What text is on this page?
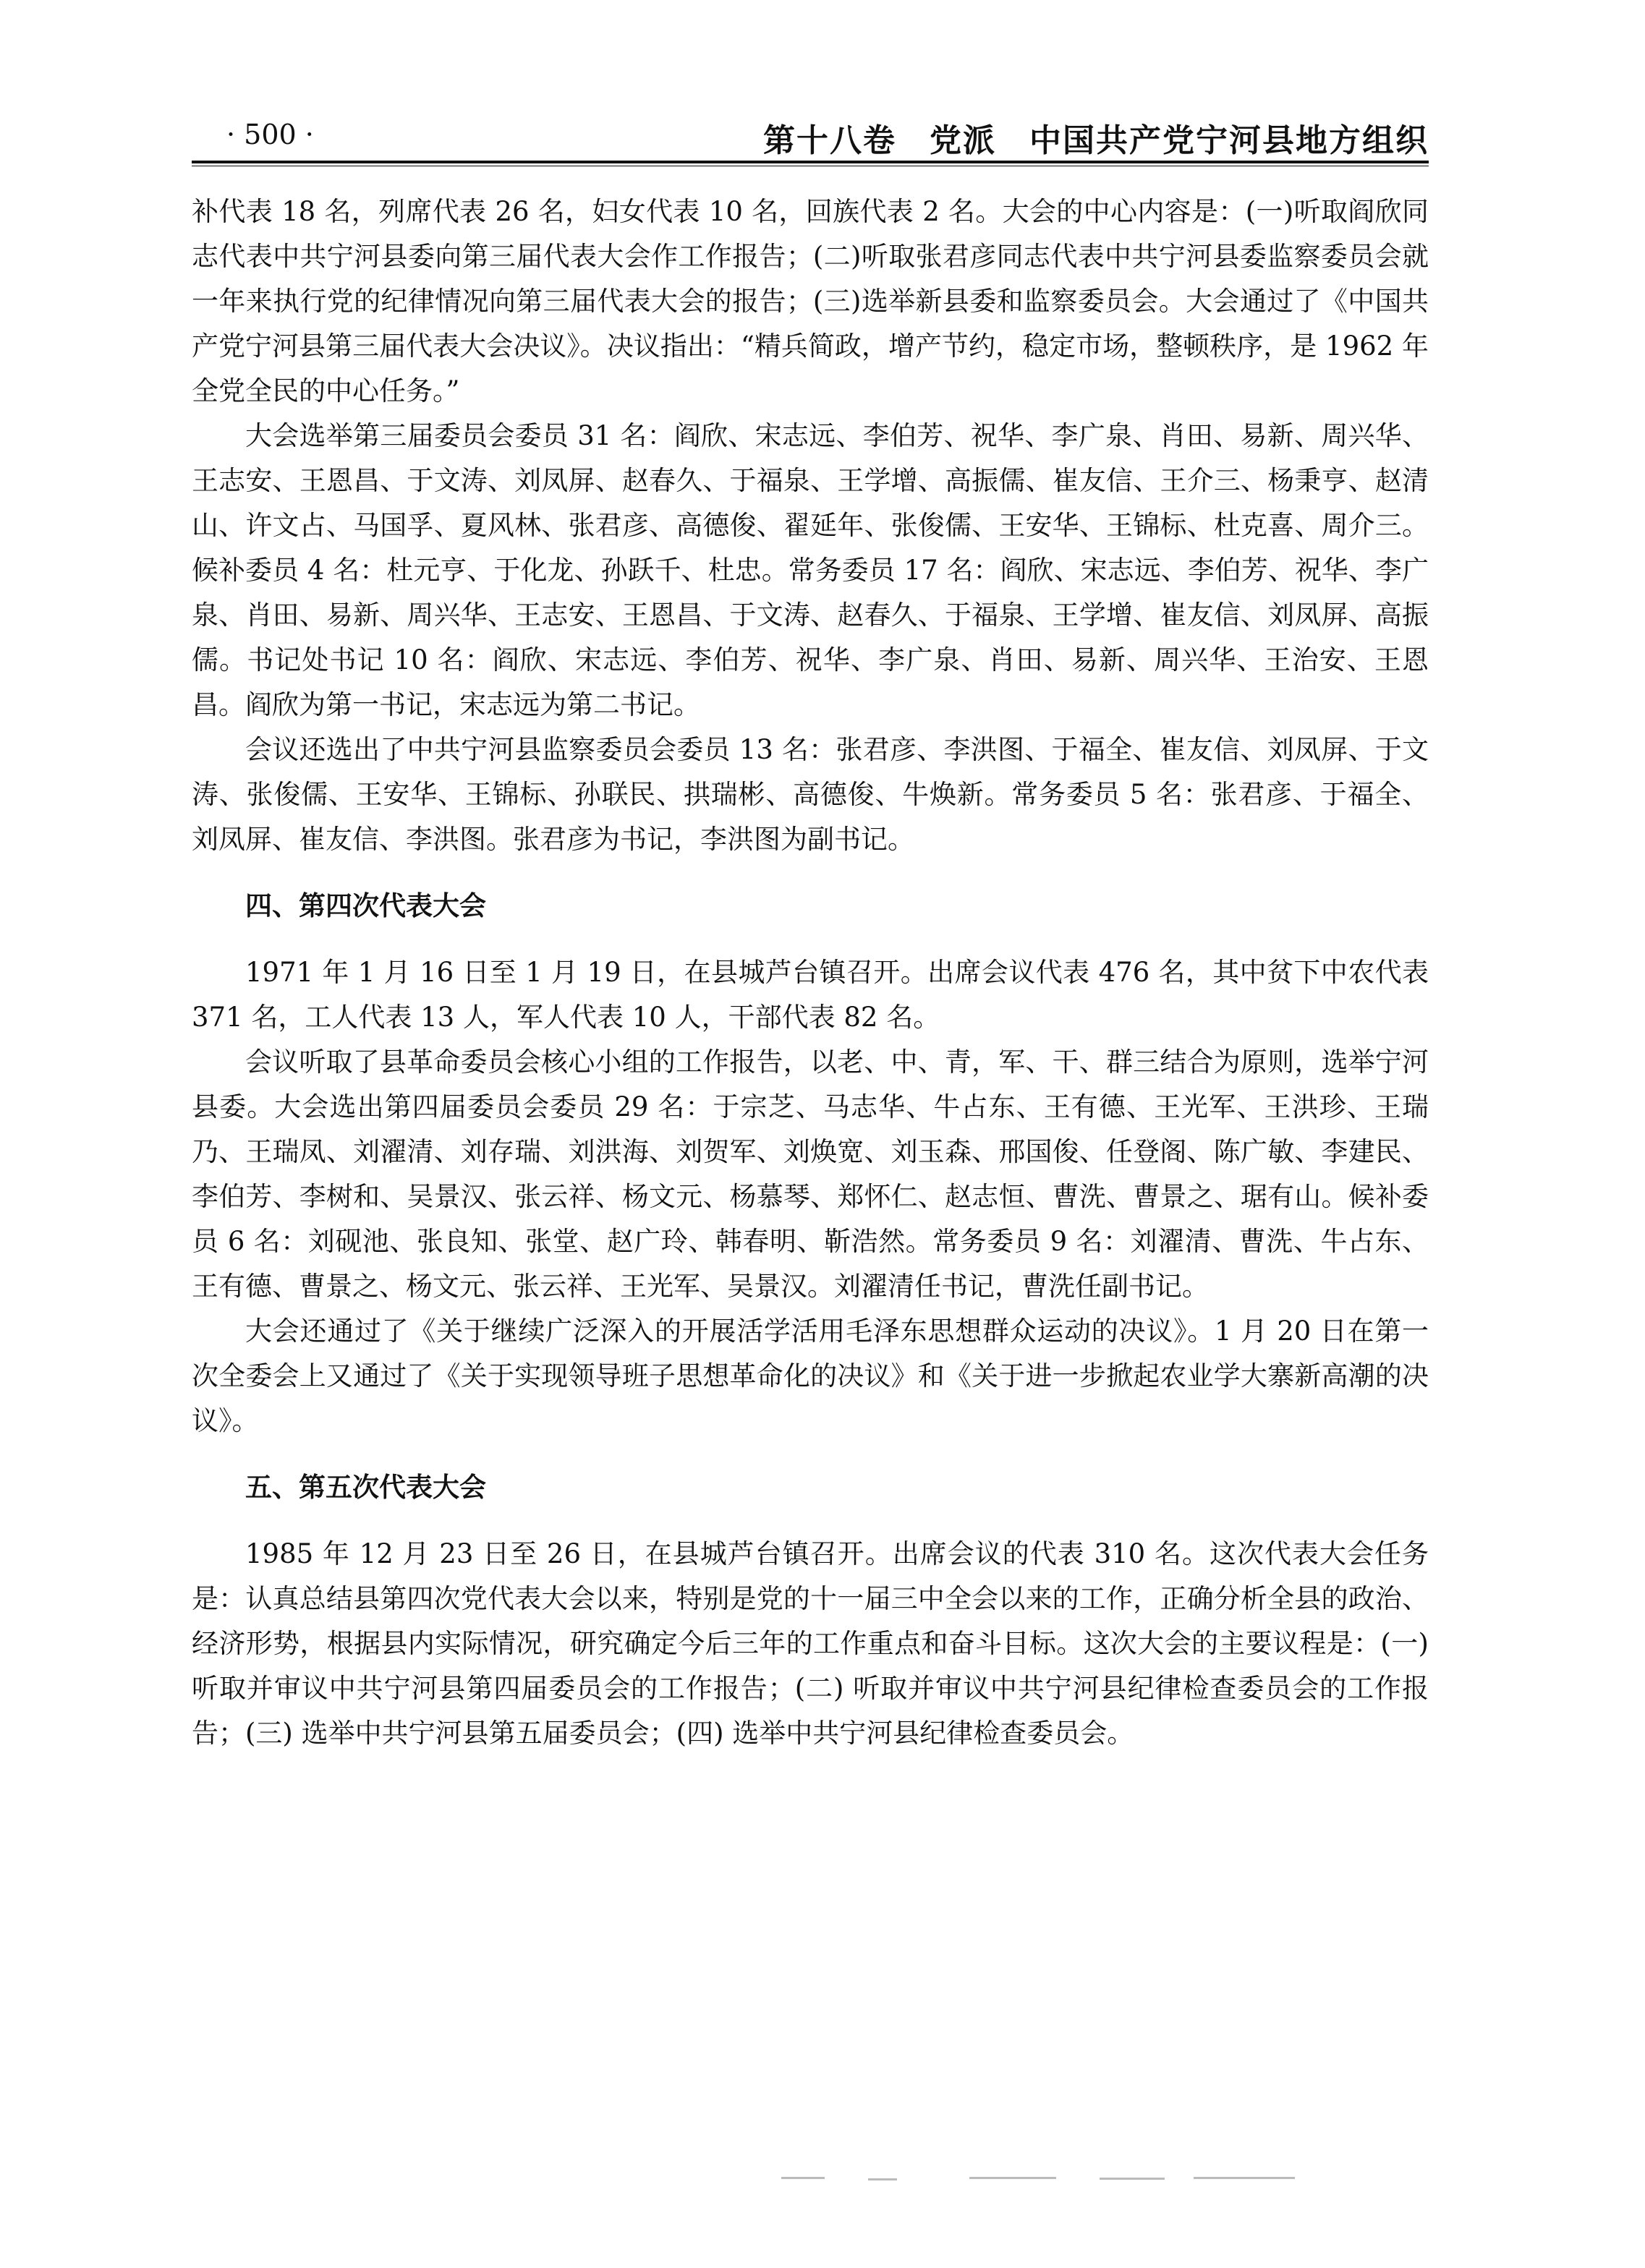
· 500 ·	第十八卷　党派　中国共产党宁河县地方组织

补代表 18 名，列席代表 26 名，妇女代表 10 名，回族代表 2 名。大会的中心内容是：(一)听取阎欣同志代表中共宁河县委向第三届代表大会作工作报告；(二)听取张君彦同志代表中共宁河县委监察委员会就一年来执行党的纪律情况向第三届代表大会的报告；(三)选举新县委和监察委员会。大会通过了《中国共产党宁河县第三届代表大会决议》。决议指出：“精兵简政，增产节约，稳定市场，整顿秩序，是 1962 年全党全民的中心任务。”

大会选举第三届委员会委员 31 名：阎欣、宋志远、李伯芳、祝华、李广泉、肖田、易新、周兴华、王志安、王恩昌、于文涛、刘凤屏、赵春久、于福泉、王学增、高振儒、崔友信、王介三、杨秉亨、赵清山、许文占、马国孚、夏风林、张君彦、高德俊、翟延年、张俊儒、王安华、王锦标、杜克喜、周介三。候补委员 4 名：杜元亨、于化龙、孙跃千、杜忠。常务委员 17 名：阎欣、宋志远、李伯芳、祝华、李广泉、肖田、易新、周兴华、王志安、王恩昌、于文涛、赵春久、于福泉、王学增、崔友信、刘凤屏、高振儒。书记处书记 10 名：阎欣、宋志远、李伯芳、祝华、李广泉、肖田、易新、周兴华、王治安、王恩昌。阎欣为第一书记，宋志远为第二书记。

会议还选出了中共宁河县监察委员会委员 13 名：张君彦、李洪图、于福全、崔友信、刘凤屏、于文涛、张俊儒、王安华、王锦标、孙联民、拱瑞彬、高德俊、牛焕新。常务委员 5 名：张君彦、于福全、刘凤屏、崔友信、李洪图。张君彦为书记，李洪图为副书记。

四、第四次代表大会

1971 年 1 月 16 日至 1 月 19 日，在县城芦台镇召开。出席会议代表 476 名，其中贫下中农代表 371 名，工人代表 13 人，军人代表 10 人，干部代表 82 名。

会议听取了县革命委员会核心小组的工作报告，以老、中、青，军、干、群三结合为原则，选举宁河县委。大会选出第四届委员会委员 29 名：于宗芝、马志华、牛占东、王有德、王光军、王洪珍、王瑞乃、王瑞凤、刘濯清、刘存瑞、刘洪海、刘贺军、刘焕宽、刘玉森、邢国俊、任登阁、陈广敏、李建民、李伯芳、李树和、吴景汉、张云祥、杨文元、杨慕琴、郑怀仁、赵志恒、曹洗、曹景之、琚有山。候补委员 6 名：刘砚池、张良知、张堂、赵广玲、韩春明、靳浩然。常务委员 9 名：刘濯清、曹洗、牛占东、王有德、曹景之、杨文元、张云祥、王光军、吴景汉。刘濯清任书记，曹洗任副书记。

大会还通过了《关于继续广泛深入的开展活学活用毛泽东思想群众运动的决议》。1 月 20 日在第一次全委会上又通过了《关于实现领导班子思想革命化的决议》和《关于进一步掀起农业学大寨新高潮的决议》。

五、第五次代表大会

1985 年 12 月 23 日至 26 日，在县城芦台镇召开。出席会议的代表 310 名。这次代表大会任务是：认真总结县第四次党代表大会以来，特别是党的十一届三中全会以来的工作，正确分析全县的政治、经济形势，根据县内实际情况，研究确定今后三年的工作重点和奋斗目标。这次大会的主要议程是：(一) 听取并审议中共宁河县第四届委员会的工作报告；(二) 听取并审议中共宁河县纪律检查委员会的工作报告；(三) 选举中共宁河县第五届委员会；(四) 选举中共宁河县纪律检查委员会。
